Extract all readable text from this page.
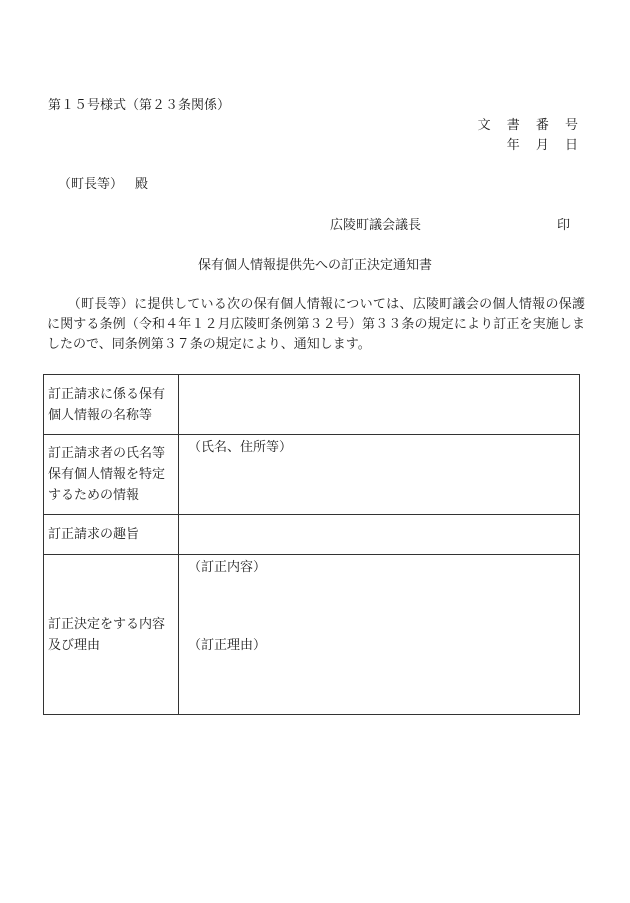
第１５号様式（第２３条関係）
文 書 番 号
年 月 日
（町長等） 殿
広陵町議会議長	印
保有個人情報提供先への訂正決定通知書

（町長等）に提供している次の保有個人情報については、広陵町議会の個人情報の保護に関する条例（令和４年１２月広陵町条例第３２号）第３３条の規定により訂正を実施しましたので、同条例第３７条の規定により、通知します。

訂正請求に係る保有
個人情報の名称等	

訂正請求者の氏名等
保有個人情報を特定
するための情報	（氏名、住所等）

訂正請求の趣旨	

訂正決定をする内容
及び理由	（訂正内容）
（訂正理由）
